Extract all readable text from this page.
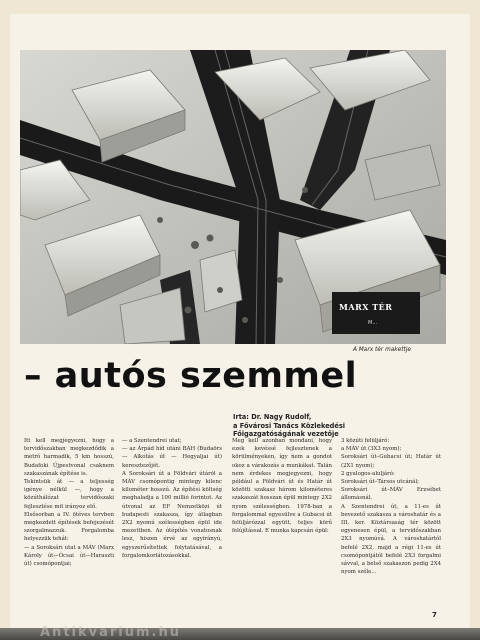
MARX TÉR
M...
A Marx tér makettje
– autós szemmel
Irta: Dr. Nagy Rudolf,
a Fővárosi Tanács Közlekedési
Főigazgatóságának vezetője
Itt kell megjegyezni, hogy a tervidőszakban megkezdődik a metró harmadik, 5 km hosszú, Budafoki Újpestvonal csaknem szakaszának építése is.
Tekintsük át — a teljesség igénye nélkül —, hogy a közúthálózat tervidőszaki fejlesztése mit irányoz elő.
Elsősorban a IV. ötéves tervben megkezdett építések befejezését szorgalmazzuk. Forgalomba helyezzük tehát:
— a Soroksári utat a MÁV (Marx Károly út—Ócsai út—Haraszti út) csomópontjai;
— a Szentendrei utat;
— az Árpád híd utáni BAH (Budaörs — Alkotás út — Hegyaljai út) keresztezőjét.
A Soroksári út a Földvári útáról a MÁV csomópontig mintegy kilenc kilométer hosszú. Az építési költség meghaladja a 100 millió forintot. Az útvonal az EF Nemzetközi út budapesti szakasza, így átlagban 2X2 nyomú szélességben épül ide mezettben. Az útépítés vonatosnak lesz, hiszen érvé az egyirányú, egyszerűsítettek folytatásával, a forgalomkorlátozásokkal.
Meg kell azonban mondani, hogy ezek kevéssé fejlesztenek a körülményeken, így nem a gondot okoz a várakozás a munkákat. Talán nem érdekes megjegyezni, hogy például a Földvári út és Határ út közötti szakasz három kilométeres szakaszát hosszan épül mintegy 2X2 nyom szélességben. 1978-ban a forgalommal egyesülve a Gubacsi út felüljárózzal együtt, teljes körű felújítással. E munka kapcsán épül:
3 közúti felüljáró:
a MÁV út (3X3 nyom);
Soroksári út–Gubacsi út; Határ út (2X1 nyom);
2 gyalogos-aluljáró:
Soroksári út–Társos utcánál;
Soroksári út–MÁV Erzsébet állomásnál.
A Szentendrei út, a 11-es út bevezető szakasza a városhatár és a III. ker. Köztársaság tér között egyenesen épül, a tervidőszakban 2X3 nyomúvá. A városhatártól befelé 2X2, majd a régi 11-es út csomópontjától befelé 2X3 forgalmi sávval, a belső szakaszon pedig 2X4 nyom széle...
7
Antikvarium.hu
